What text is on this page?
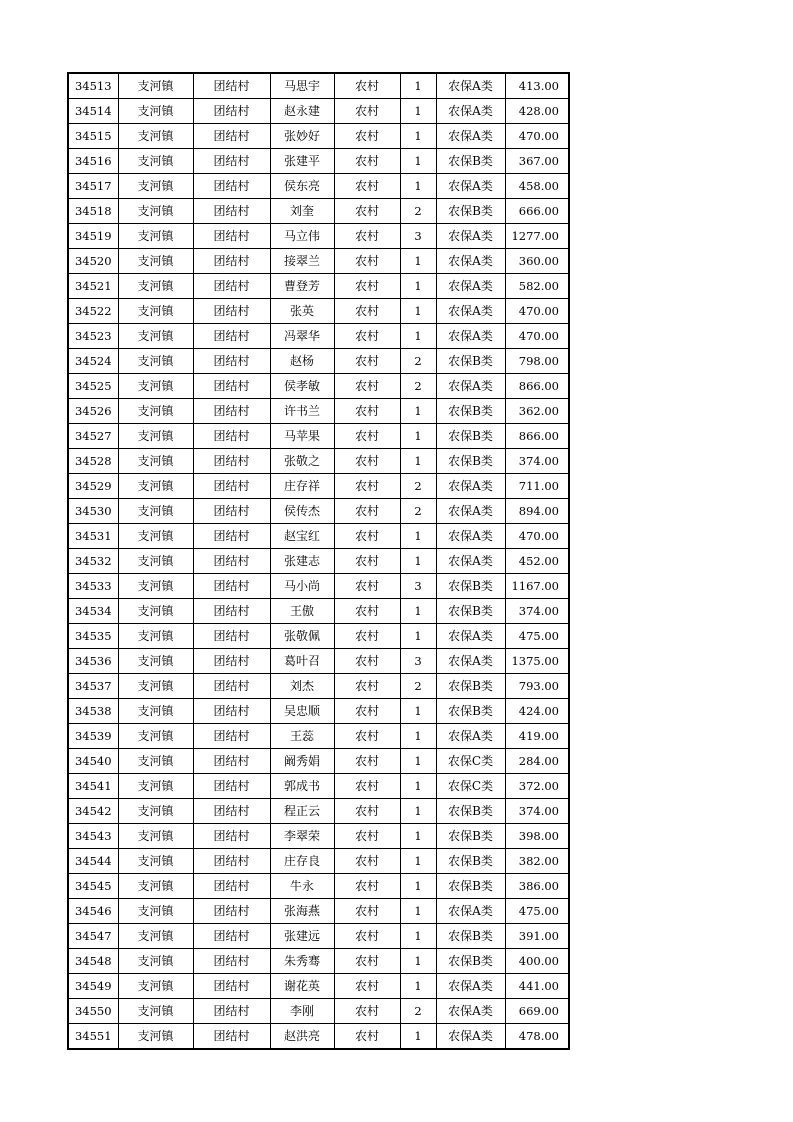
34513	支河镇	团结村	马思宇	农村	1	农保A类	413.00
34514	支河镇	团结村	赵永建	农村	1	农保A类	428.00
34515	支河镇	团结村	张妙好	农村	1	农保A类	470.00
34516	支河镇	团结村	张建平	农村	1	农保B类	367.00
34517	支河镇	团结村	侯东亮	农村	1	农保A类	458.00
34518	支河镇	团结村	刘奎	农村	2	农保B类	666.00
34519	支河镇	团结村	马立伟	农村	3	农保A类	1277.00
34520	支河镇	团结村	接翠兰	农村	1	农保A类	360.00
34521	支河镇	团结村	曹登芳	农村	1	农保A类	582.00
34522	支河镇	团结村	张英	农村	1	农保A类	470.00
34523	支河镇	团结村	冯翠华	农村	1	农保A类	470.00
34524	支河镇	团结村	赵杨	农村	2	农保B类	798.00
34525	支河镇	团结村	侯孝敏	农村	2	农保A类	866.00
34526	支河镇	团结村	许书兰	农村	1	农保B类	362.00
34527	支河镇	团结村	马苹果	农村	1	农保B类	866.00
34528	支河镇	团结村	张敬之	农村	1	农保B类	374.00
34529	支河镇	团结村	庄存祥	农村	2	农保A类	711.00
34530	支河镇	团结村	侯传杰	农村	2	农保A类	894.00
34531	支河镇	团结村	赵宝红	农村	1	农保A类	470.00
34532	支河镇	团结村	张建志	农村	1	农保A类	452.00
34533	支河镇	团结村	马小尚	农村	3	农保B类	1167.00
34534	支河镇	团结村	王傲	农村	1	农保B类	374.00
34535	支河镇	团结村	张敬佩	农村	1	农保A类	475.00
34536	支河镇	团结村	葛叶召	农村	3	农保A类	1375.00
34537	支河镇	团结村	刘杰	农村	2	农保B类	793.00
34538	支河镇	团结村	吴忠顺	农村	1	农保B类	424.00
34539	支河镇	团结村	王蕊	农村	1	农保A类	419.00
34540	支河镇	团结村	阚秀娟	农村	1	农保C类	284.00
34541	支河镇	团结村	郭成书	农村	1	农保C类	372.00
34542	支河镇	团结村	程正云	农村	1	农保B类	374.00
34543	支河镇	团结村	李翠荣	农村	1	农保B类	398.00
34544	支河镇	团结村	庄存良	农村	1	农保B类	382.00
34545	支河镇	团结村	牛永	农村	1	农保B类	386.00
34546	支河镇	团结村	张海燕	农村	1	农保A类	475.00
34547	支河镇	团结村	张建远	农村	1	农保B类	391.00
34548	支河镇	团结村	朱秀骞	农村	1	农保B类	400.00
34549	支河镇	团结村	谢花英	农村	1	农保A类	441.00
34550	支河镇	团结村	李刚	农村	2	农保A类	669.00
34551	支河镇	团结村	赵洪亮	农村	1	农保A类	478.00
